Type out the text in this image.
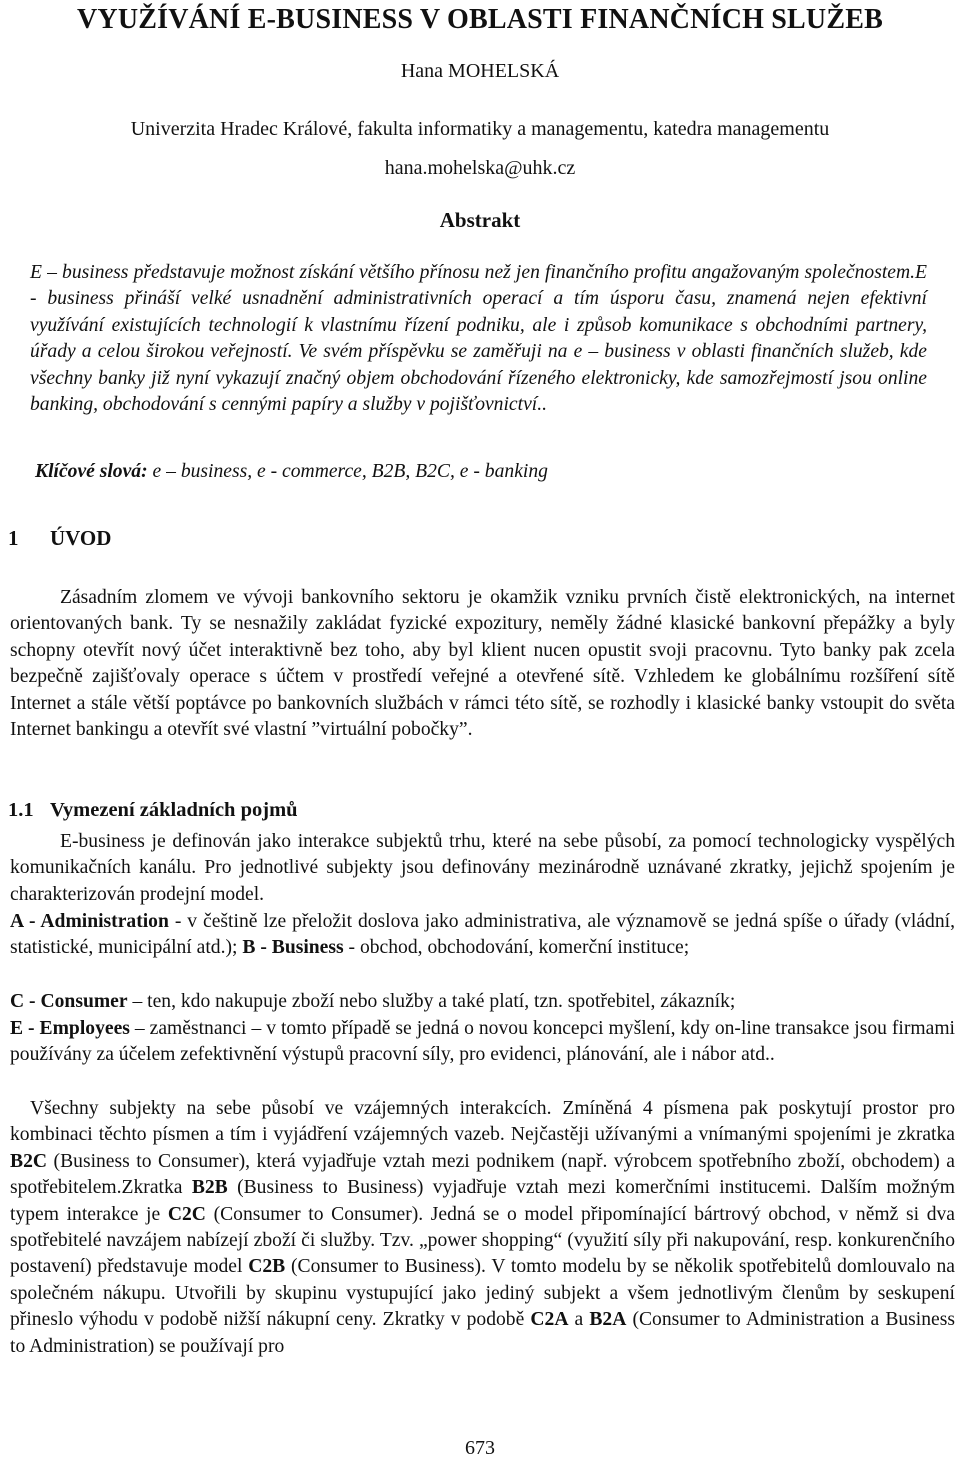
VYUŽÍVÁNÍ E-BUSINESS V OBLASTI FINANČNÍCH SLUŽEB
Hana MOHELSKÁ
Univerzita Hradec Králové, fakulta informatiky a managementu, katedra managementu
hana.mohelska@uhk.cz
Abstrakt

E – business představuje možnost získání většího přínosu než jen finančního profitu angažovaným společnostem.E - business přináší velké usnadnění administrativních operací a tím úsporu času, znamená nejen efektivní využívání existujících technologií k vlastnímu řízení podniku, ale i způsob komunikace s obchodními partnery, úřady a celou širokou veřejností. Ve svém příspěvku se zaměřuji na e – business v oblasti finančních služeb, kde všechny banky již nyní vykazují značný objem obchodování řízeného elektronicky, kde samozřejmostí jsou online banking, obchodování s cennými papíry a služby v pojišťovnictví..

Klíčové slová: e – business, e - commerce, B2B, B2C, e - banking
1 ÚVOD

Zásadním zlomem ve vývoji bankovního sektoru je okamžik vzniku prvních čistě elektronických, na internet orientovaných bank. Ty se nesnažily zakládat fyzické expozitury, neměly žádné klasické bankovní přepážky a byly schopny otevřít nový účet interaktivně bez toho, aby byl klient nucen opustit svoji pracovnu. Tyto banky pak zcela bezpečně zajišťovaly operace s účtem v prostředí veřejné a otevřené sítě. Vzhledem ke globálnímu rozšíření sítě Internet a stále větší poptávce po bankovních službách v rámci této sítě, se rozhodly i klasické banky vstoupit do světa Internet bankingu a otevřít své vlastní ”virtuální pobočky”.

1.1 Vymezení základních pojmů

E-business je definován jako interakce subjektů trhu, které na sebe působí, za pomocí technologicky vyspělých komunikačních kanálu. Pro jednotlivé subjekty jsou definovány mezinárodně uznávané zkratky, jejichž spojením je charakterizován prodejní model.

A - Administration - v češtině lze přeložit doslova jako administrativa, ale významově se jedná spíše o úřady (vládní, statistické, municipální atd.); B - Business - obchod, obchodování, komerční instituce;

C - Consumer – ten, kdo nakupuje zboží nebo služby a také platí, tzn. spotřebitel, zákazník;

E - Employees – zaměstnanci – v tomto případě se jedná o novou koncepci myšlení, kdy on-line transakce jsou firmami používány za účelem zefektivnění výstupů pracovní síly, pro evidenci, plánování, ale i nábor atd..

Všechny subjekty na sebe působí ve vzájemných interakcích. Zmíněná 4 písmena pak poskytují prostor pro kombinaci těchto písmen a tím i vyjádření vzájemných vazeb. Nejčastěji užívanými a vnímanými spojeními je zkratka B2C (Business to Consumer), která vyjadřuje vztah mezi podnikem (např. výrobcem spotřebního zboží, obchodem) a spotřebitelem.Zkratka B2B (Business to Business) vyjadřuje vztah mezi komerčními institucemi. Dalším možným typem interakce je C2C (Consumer to Consumer). Jedná se o model připomínající bártrový obchod, v němž si dva spotřebitelé navzájem nabízejí zboží či služby. Tzv. „power shopping“ (využití síly při nakupování, resp. konkurenčního postavení) představuje model C2B (Consumer to Business). V tomto modelu by se několik spotřebitelů domlouvalo na společném nákupu. Utvořili by skupinu vystupující jako jediný subjekt a všem jednotlivým členům by seskupení přineslo výhodu v podobě nižší nákupní ceny. Zkratky v podobě C2A a B2A (Consumer to Administration a Business to Administration) se používají pro

673
